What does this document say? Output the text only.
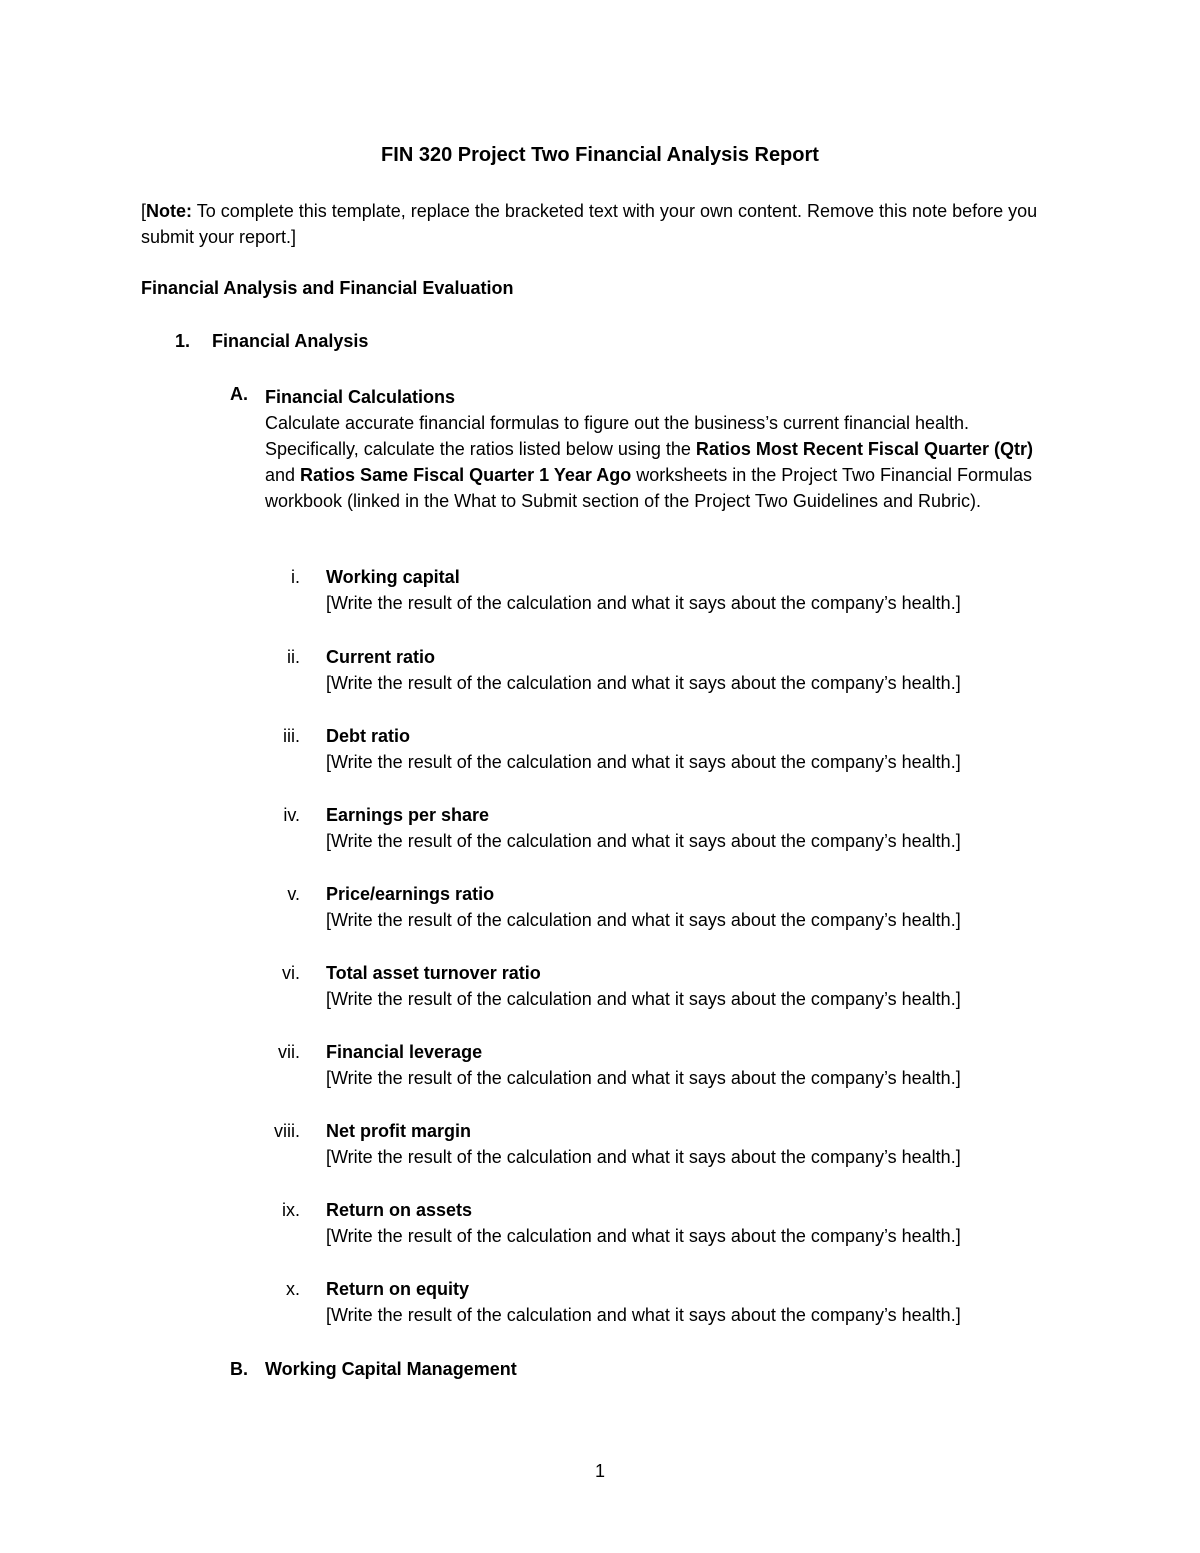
FIN 320 Project Two Financial Analysis Report
[Note: To complete this template, replace the bracketed text with your own content. Remove this note before you submit your report.]
Financial Analysis and Financial Evaluation
1. Financial Analysis
A. Financial Calculations
Calculate accurate financial formulas to figure out the business’s current financial health. Specifically, calculate the ratios listed below using the Ratios Most Recent Fiscal Quarter (Qtr) and Ratios Same Fiscal Quarter 1 Year Ago worksheets in the Project Two Financial Formulas workbook (linked in the What to Submit section of the Project Two Guidelines and Rubric).
i. Working capital
[Write the result of the calculation and what it says about the company’s health.]
ii. Current ratio
[Write the result of the calculation and what it says about the company’s health.]
iii. Debt ratio
[Write the result of the calculation and what it says about the company’s health.]
iv. Earnings per share
[Write the result of the calculation and what it says about the company’s health.]
v. Price/earnings ratio
[Write the result of the calculation and what it says about the company’s health.]
vi. Total asset turnover ratio
[Write the result of the calculation and what it says about the company’s health.]
vii. Financial leverage
[Write the result of the calculation and what it says about the company’s health.]
viii. Net profit margin
[Write the result of the calculation and what it says about the company’s health.]
ix. Return on assets
[Write the result of the calculation and what it says about the company’s health.]
x. Return on equity
[Write the result of the calculation and what it says about the company’s health.]
B. Working Capital Management
1
